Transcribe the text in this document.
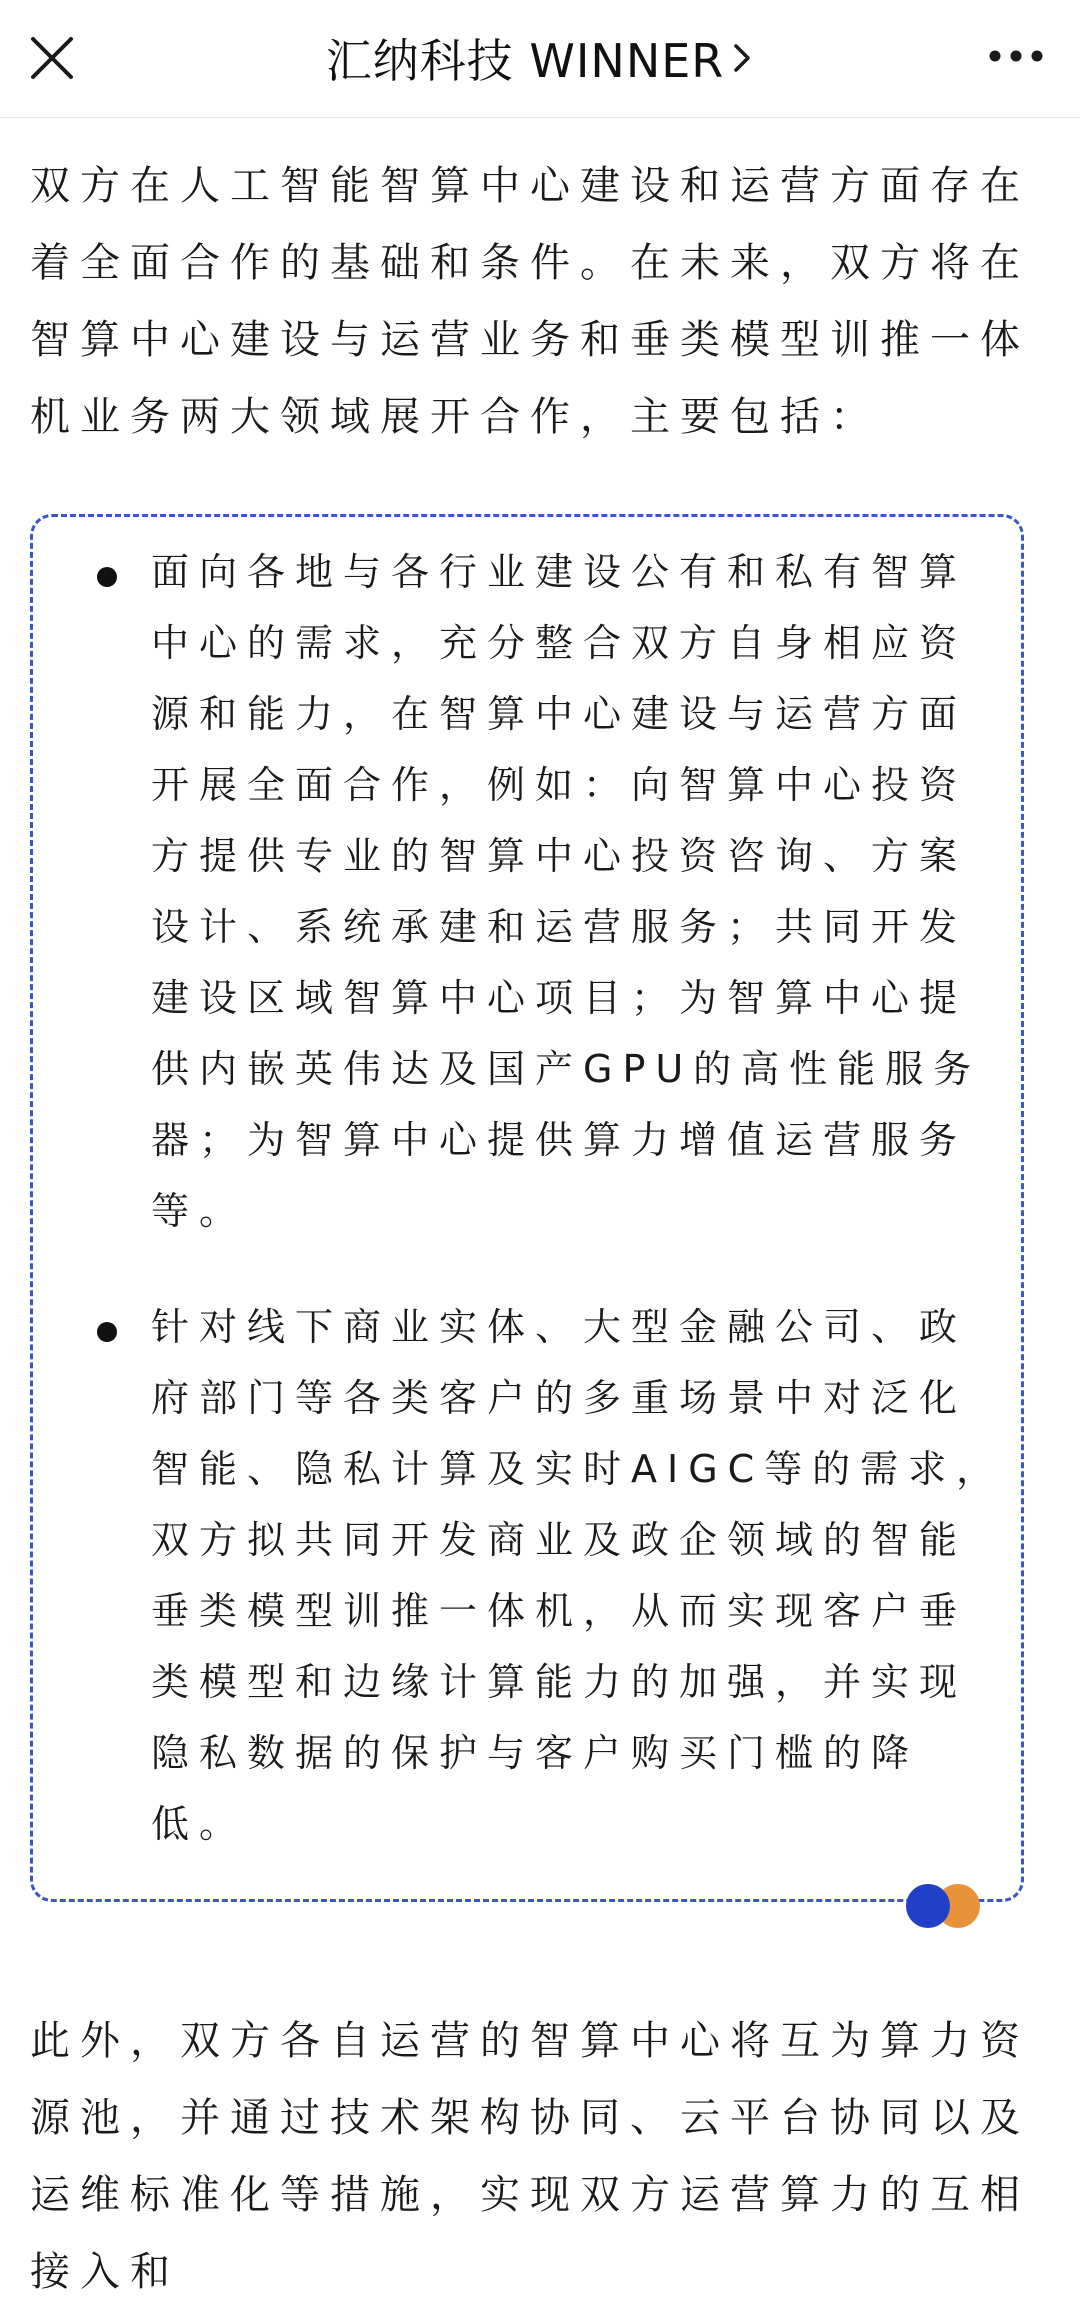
汇纳科技 WINNER

双方在人工智能智算中心建设和运营方面存在着全面合作的基础和条件。在未来，双方将在智算中心建设与运营业务和垂类模型训推一体机业务两大领域展开合作，主要包括：

面向各地与各行业建设公有和私有智算中心的需求，充分整合双方自身相应资源和能力，在智算中心建设与运营方面开展全面合作，例如：向智算中心投资方提供专业的智算中心投资咨询、方案设计、系统承建和运营服务；共同开发建设区域智算中心项目；为智算中心提供内嵌英伟达及国产GPU的高性能服务器；为智算中心提供算力增值运营服务等。
针对线下商业实体、大型金融公司、政府部门等各类客户的多重场景中对泛化智能、隐私计算及实时AIGC等的需求，双方拟共同开发商业及政企领域的智能垂类模型训推一体机，从而实现客户垂类模型和边缘计算能力的加强，并实现隐私数据的保护与客户购买门槛的降低。

此外，双方各自运营的智算中心将互为算力资源池，并通过技术架构协同、云平台协同以及运维标准化等措施，实现双方运营算力的互相接入和
